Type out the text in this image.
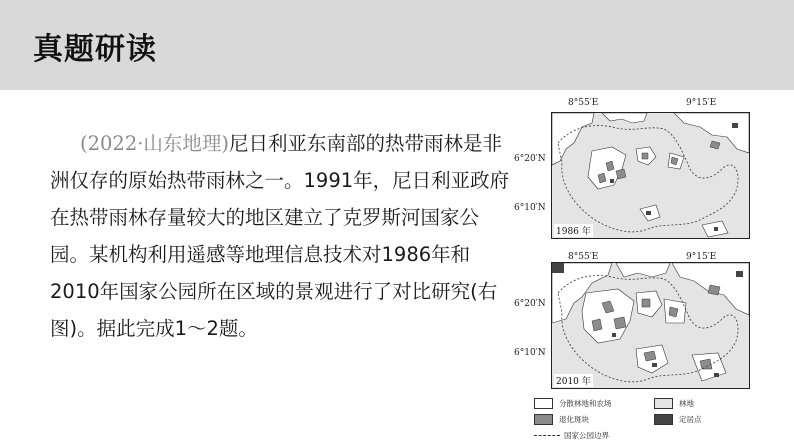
真题研读
(2022·山东地理)尼日利亚东南部的热带雨林是非洲仅存的原始热带雨林之一。1991年，尼日利亚政府在热带雨林存量较大的地区建立了克罗斯河国家公园。某机构利用遥感等地理信息技术对1986年和2010年国家公园所在区域的景观进行了对比研究(右图)。据此完成1～2题。
8°55′E	9°15′E
6°20′N
6°10′N
1986 年
8°55′E	9°15′E
6°20′N
6°10′N
2010 年
分散林地和农场	林地
退化斑块	定居点
国家公园边界
